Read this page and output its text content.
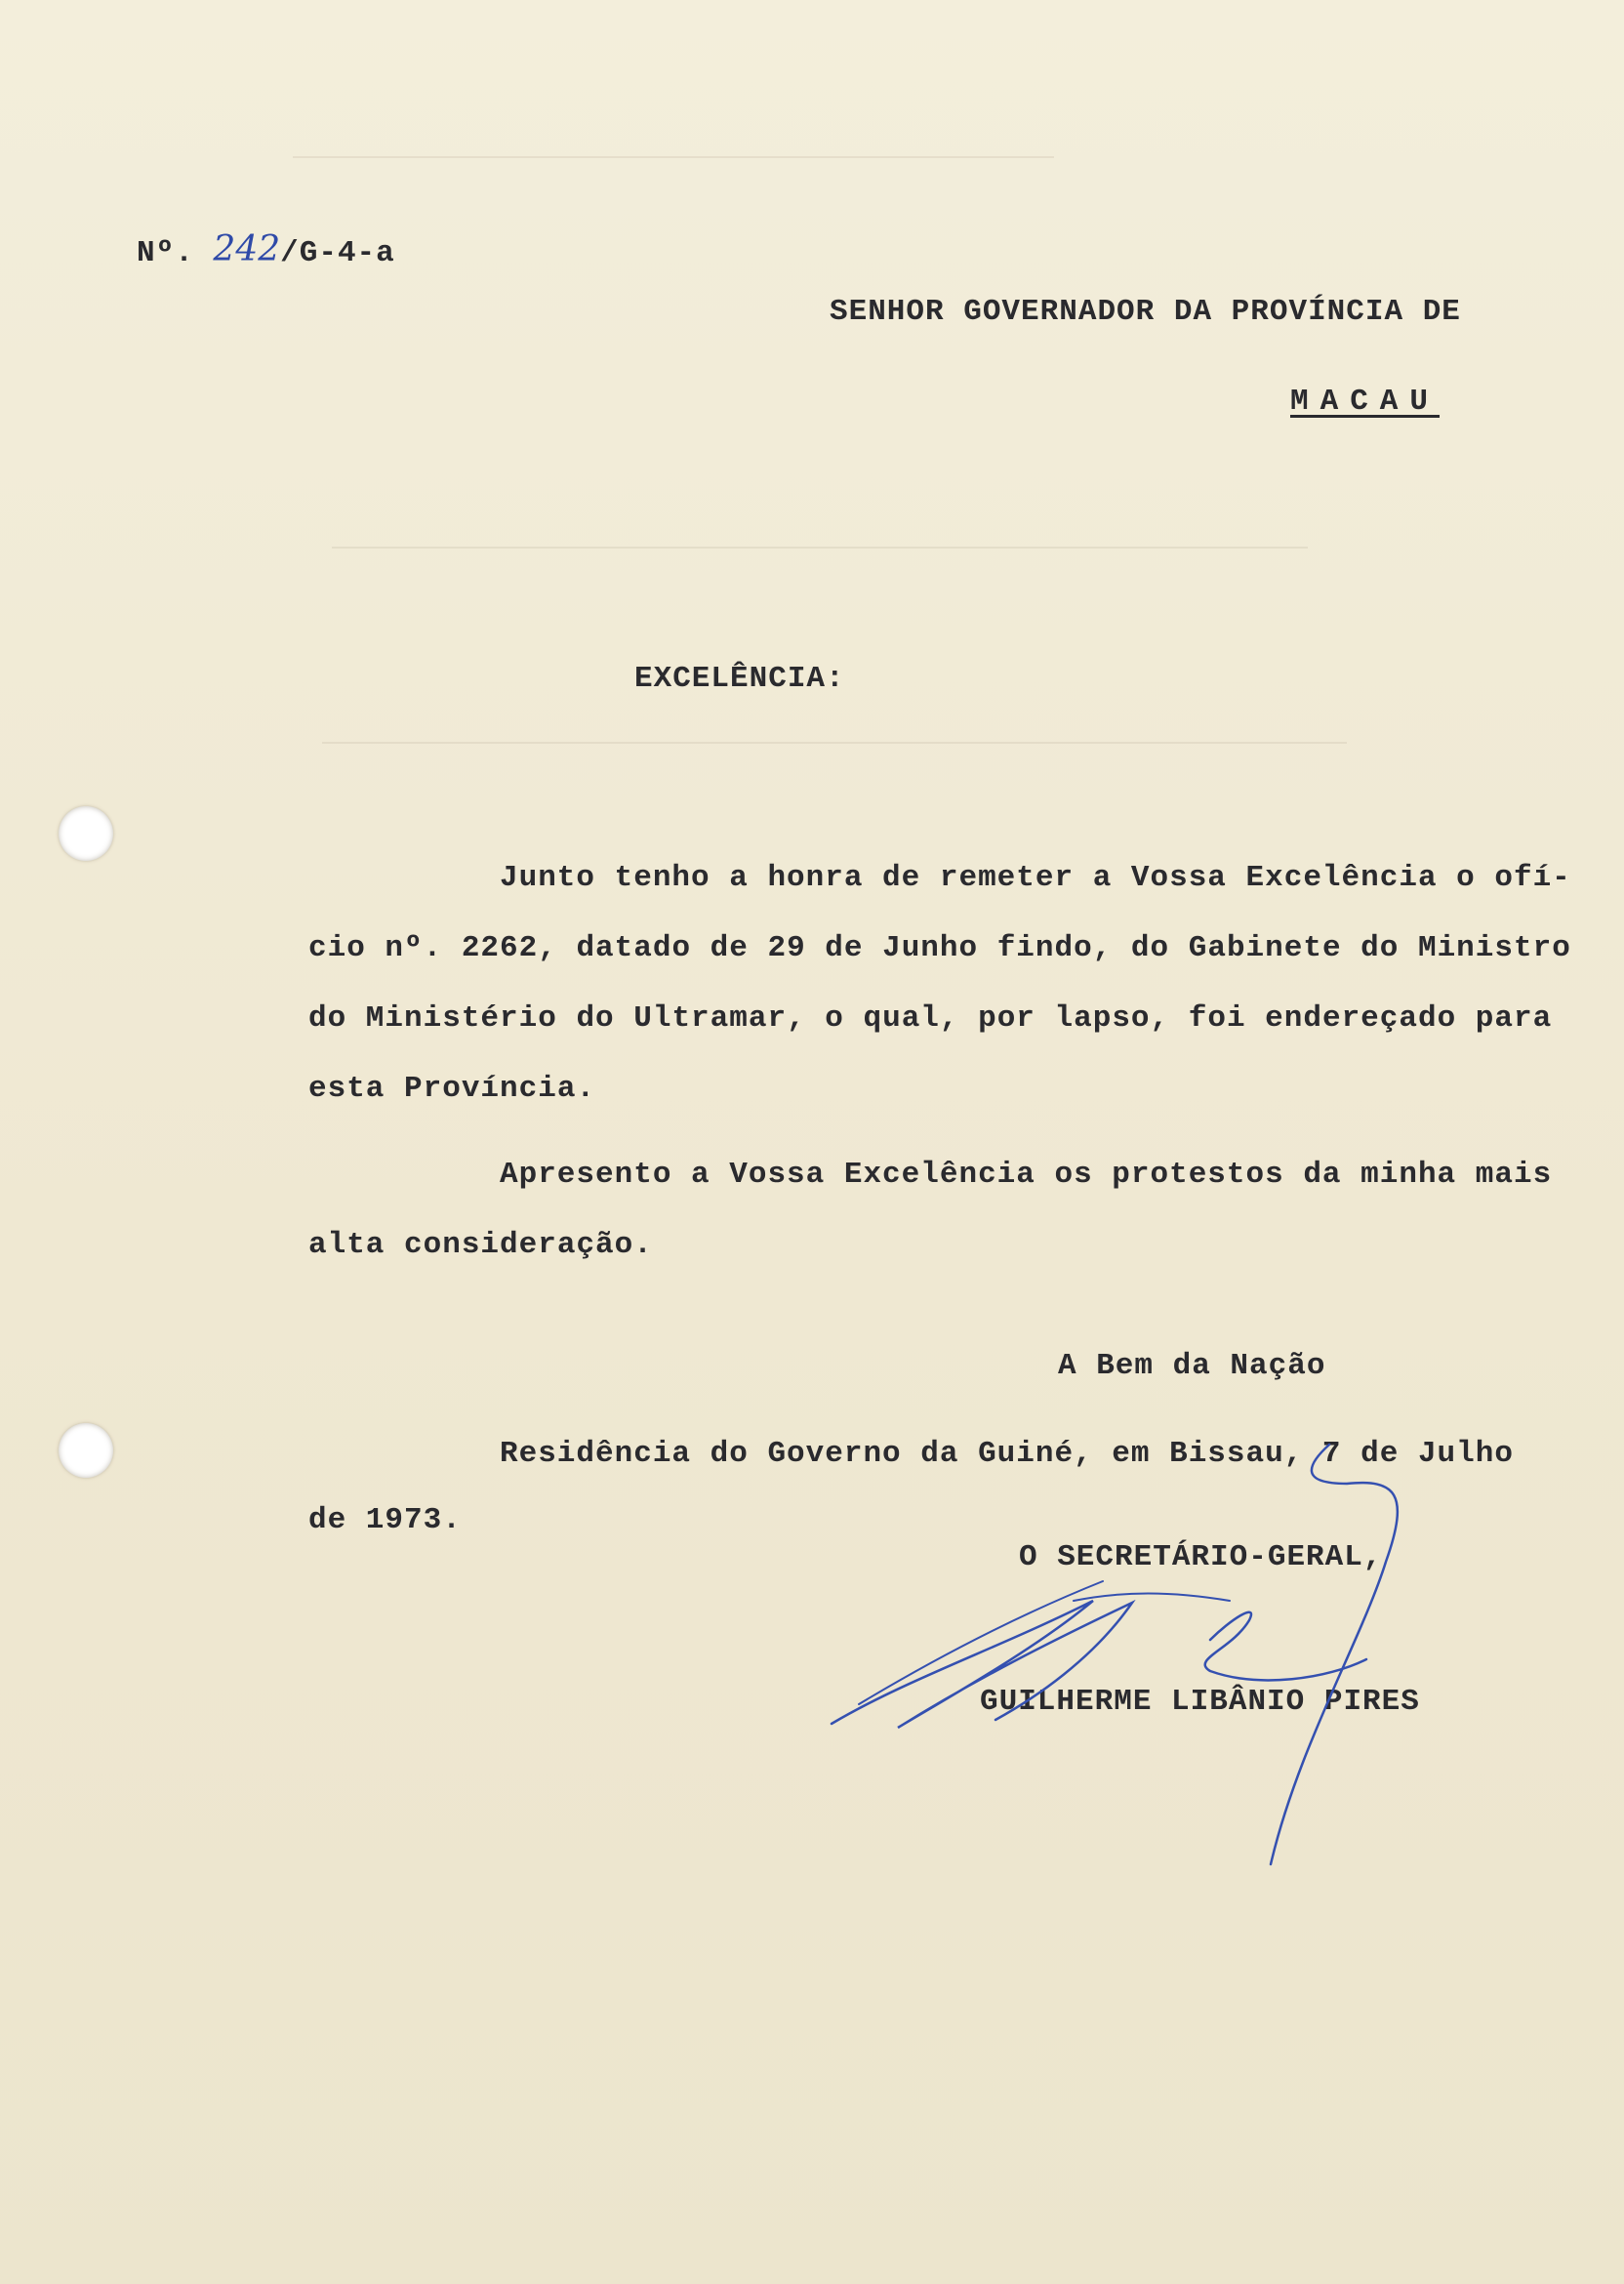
Nº. 242/G-4-a
SENHOR GOVERNADOR DA PROVÍNCIA DE
MACAU
EXCELÊNCIA:
Junto tenho a honra de remeter a Vossa Excelência o ofí-
cio nº. 2262, datado de 29 de Junho findo, do Gabinete do Ministro
do Ministério do Ultramar, o qual, por lapso, foi endereçado para
esta Província.
Apresento a Vossa Excelência os protestos da minha mais
alta consideração.
A Bem da Nação
Residência do Governo da Guiné, em Bissau, 7 de Julho
de 1973.
O SECRETÁRIO-GERAL,
GUILHERME LIBÂNIO PIRES
